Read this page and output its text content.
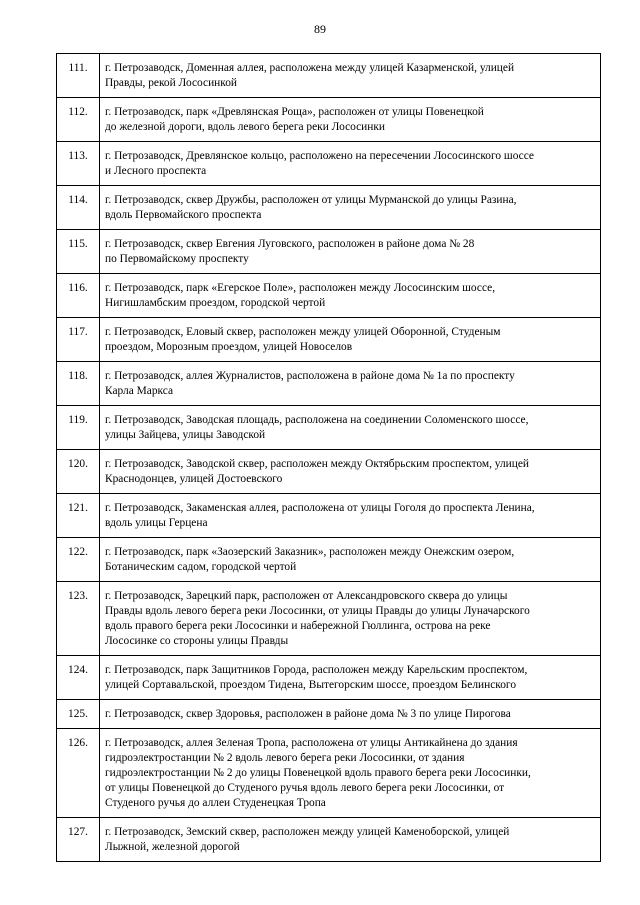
89
111.	г. Петрозаводск, Доменная аллея, расположена между улицей Казарменской, улицей
Правды, рекой Лососинкой

112.	г. Петрозаводск, парк «Древлянская Роща», расположен от улицы Повенецкой
до железной дороги, вдоль левого берега реки Лососинки

113.	г. Петрозаводск, Древлянское кольцо, расположено на пересечении Лососинского шоссе
и Лесного проспекта

114.	г. Петрозаводск, сквер Дружбы, расположен от улицы Мурманской до улицы Разина,
вдоль Первомайского проспекта

115.	г. Петрозаводск, сквер Евгения Луговского, расположен в районе дома № 28
по Первомайскому проспекту

116.	г. Петрозаводск, парк «Егерское Поле», расположен между Лососинским шоссе,
Нигишламбским проездом, городской чертой

117.	г. Петрозаводск, Еловый сквер, расположен между улицей Оборонной, Студеным
проездом, Морозным проездом, улицей Новоселов

118.	г. Петрозаводск, аллея Журналистов, расположена в районе дома № 1а по проспекту
Карла Маркса

119.	г. Петрозаводск, Заводская площадь, расположена на соединении Соломенского шоссе,
улицы Зайцева, улицы Заводской

120.	г. Петрозаводск, Заводской сквер, расположен между Октябрьским проспектом, улицей
Краснодонцев, улицей Достоевского

121.	г. Петрозаводск, Закаменская аллея, расположена от улицы Гоголя до проспекта Ленина,
вдоль улицы Герцена

122.	г. Петрозаводск, парк «Заозерский Заказник», расположен между Онежским озером,
Ботаническим садом, городской чертой

123.	г. Петрозаводск, Зарецкий парк, расположен от Александровского сквера до улицы
Правды вдоль левого берега реки Лососинки, от улицы Правды до улицы Луначарского
вдоль правого берега реки Лососинки и набережной Гюллинга, острова на реке
Лососинке со стороны улицы Правды

124.	г. Петрозаводск, парк Защитников Города, расположен между Карельским проспектом,
улицей Сортавальской, проездом Тидена, Вытегорским шоссе, проездом Белинского

125.	г. Петрозаводск, сквер Здоровья, расположен в районе дома № 3 по улице Пирогова

126.	г. Петрозаводск, аллея Зеленая Тропа, расположена от улицы Антикайнена до здания
гидроэлектростанции № 2 вдоль левого берега реки Лососинки, от здания
гидроэлектростанции № 2 до улицы Повенецкой вдоль правого берега реки Лососинки,
от улицы Повенецкой до Студеного ручья вдоль левого берега реки Лососинки, от
Студеного ручья до аллеи Студенецкая Тропа

127.	г. Петрозаводск, Земский сквер, расположен между улицей Каменоборской, улицей
Лыжной, железной дорогой
